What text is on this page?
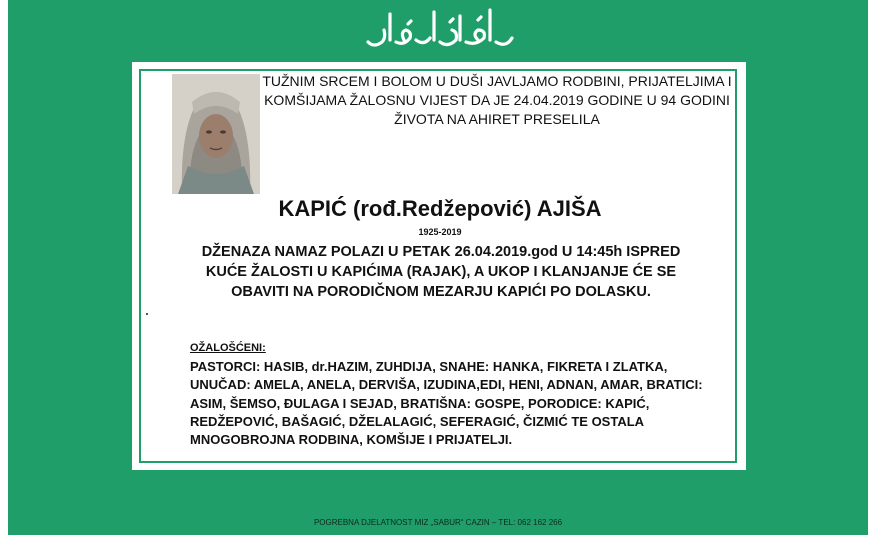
TUŽNIM SRCEM I BOLOM U DUŠI JAVLJAMO RODBINI, PRIJATELJIMA I KOMŠIJAMA ŽALOSNU VIJEST DA JE 24.04.2019 GODINE U 94 GODINI ŽIVOTA NA AHIRET PRESELILA
KAPIĆ (rođ.Redžepović) AJIŠA
1925-2019
DŽENAZA NAMAZ POLAZI U PETAK 26.04.2019.god U 14:45h ISPRED KUĆE ŽALOSTI U KAPIĆIMA (RAJAK), A UKOP I KLANJANJE ĆE SE OBAVITI NA PORODIČNOM MEZARJU KAPIĆI PO DOLASKU.
OŽALOŠĆENI:
PASTORCI: HASIB, dr.HAZIM, ZUHDIJA, SNAHE: HANKA, FIKRETA I ZLATKA, UNUČAD: AMELA, ANELA, DERVIŠA, IZUDINA,EDI, HENI, ADNAN, AMAR, BRATICI: ASIM, ŠEMSO, ĐULAGA I SEJAD, BRATIŠNA: GOSPE, PORODICE: KAPIĆ, REDŽEPOVIĆ, BAŠAGIĆ, DŽELALAGIĆ, SEFERAGIĆ, ČIZMIĆ TE OSTALA MNOGOBROJNA RODBINA, KOMŠIJE I PRIJATELJI.
POGREBNA DJELATNOST MIZ „SABUR“ CAZIN – TEL: 062 162 266
